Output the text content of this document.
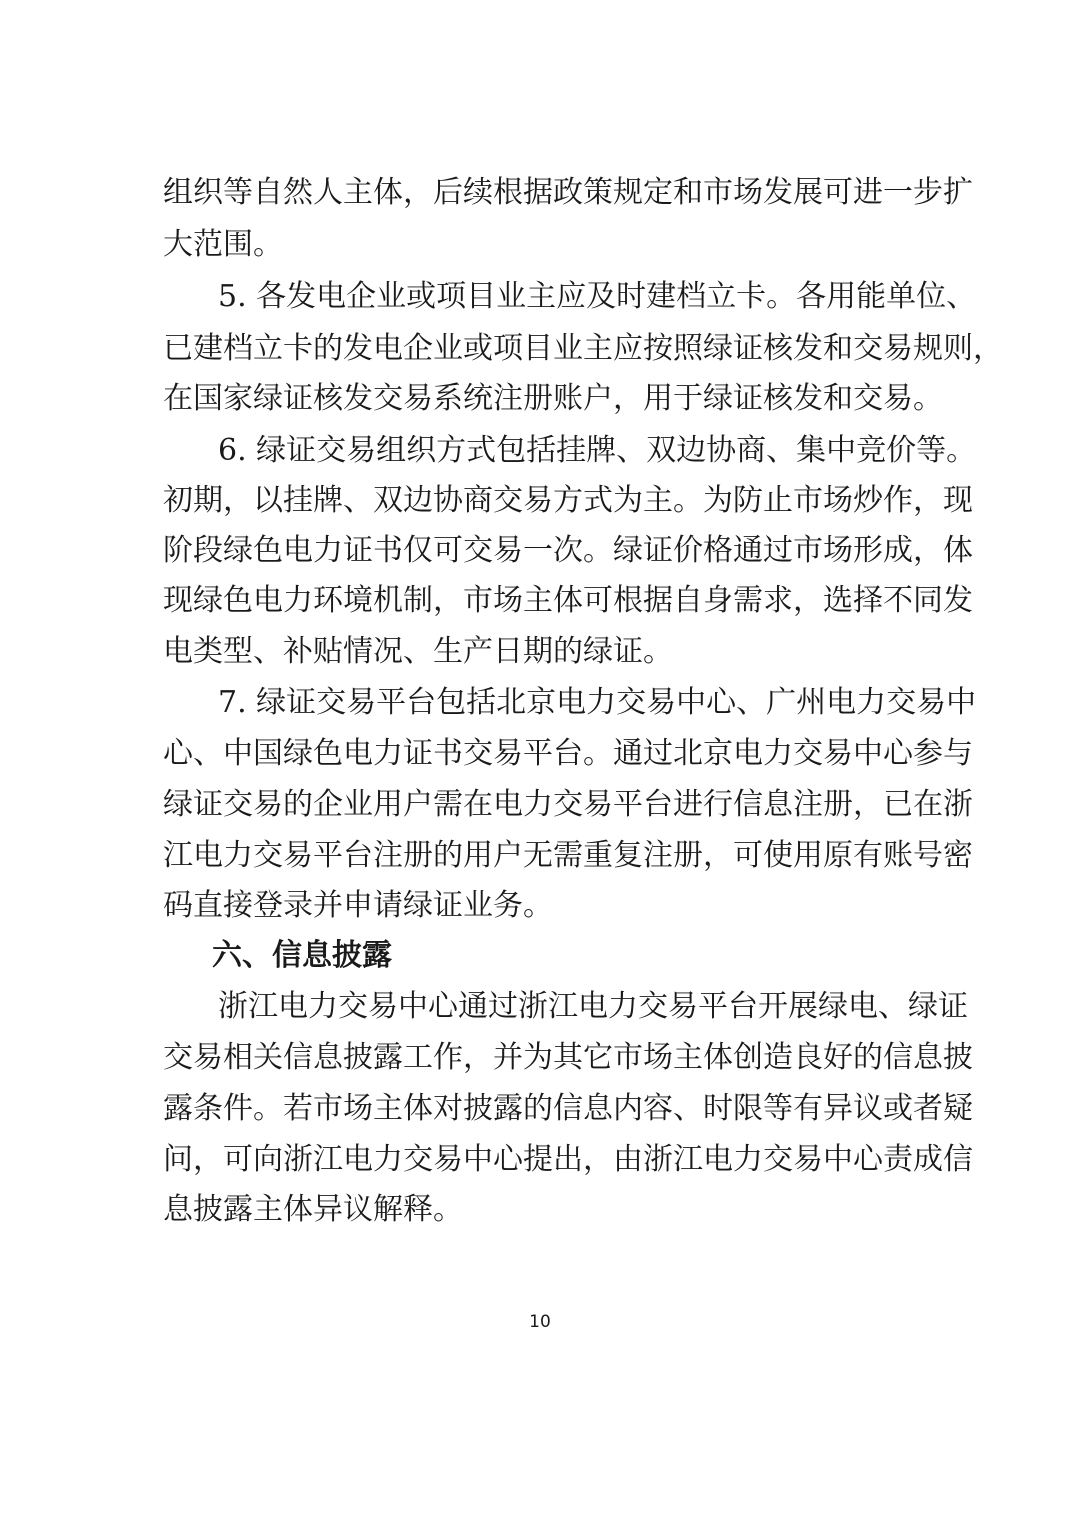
组织等自然人主体，后续根据政策规定和市场发展可进一步扩
大范围。
5. 各发电企业或项目业主应及时建档立卡。各用能单位、
已建档立卡的发电企业或项目业主应按照绿证核发和交易规则，
在国家绿证核发交易系统注册账户，用于绿证核发和交易。
6. 绿证交易组织方式包括挂牌、双边协商、集中竞价等。
初期，以挂牌、双边协商交易方式为主。为防止市场炒作，现
阶段绿色电力证书仅可交易一次。绿证价格通过市场形成，体
现绿色电力环境机制，市场主体可根据自身需求，选择不同发
电类型、补贴情况、生产日期的绿证。
7. 绿证交易平台包括北京电力交易中心、广州电力交易中
心、中国绿色电力证书交易平台。通过北京电力交易中心参与
绿证交易的企业用户需在电力交易平台进行信息注册，已在浙
江电力交易平台注册的用户无需重复注册，可使用原有账号密
码直接登录并申请绿证业务。
六、信息披露
浙江电力交易中心通过浙江电力交易平台开展绿电、绿证
交易相关信息披露工作，并为其它市场主体创造良好的信息披
露条件。若市场主体对披露的信息内容、时限等有异议或者疑
问，可向浙江电力交易中心提出，由浙江电力交易中心责成信
息披露主体异议解释。
10
